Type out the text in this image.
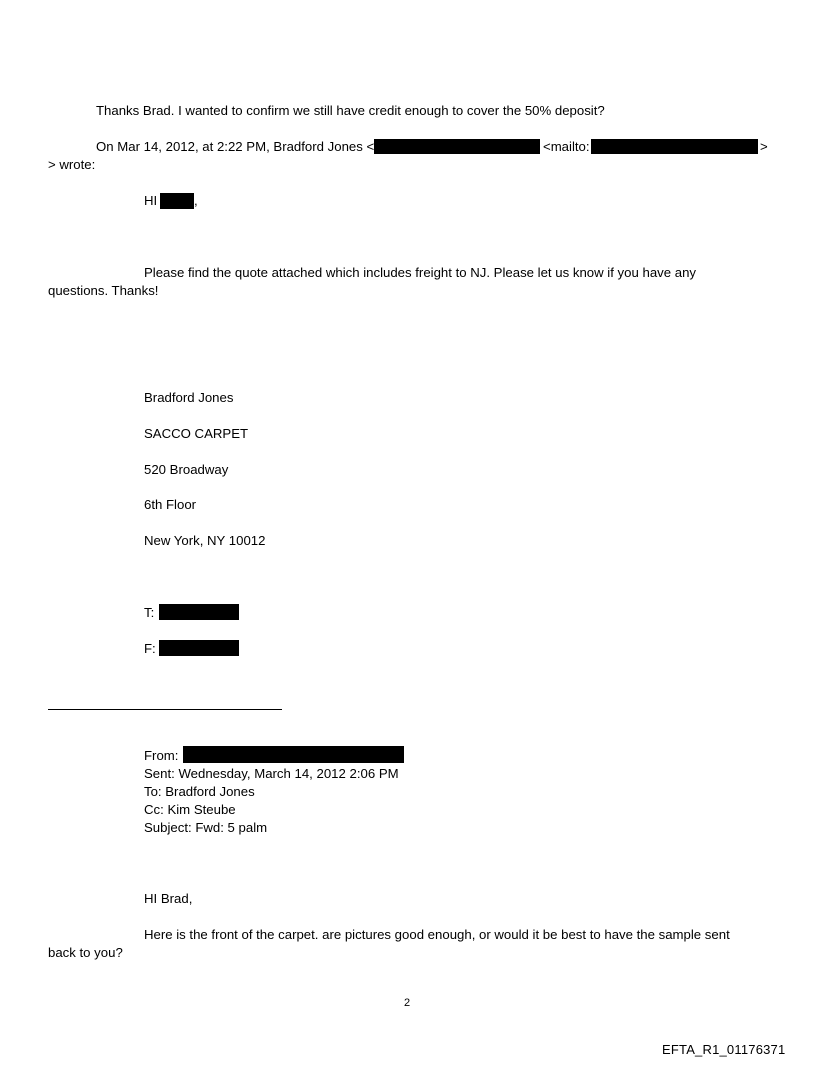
Thanks Brad. I wanted to confirm we still have credit enough to cover the 50% deposit?
On Mar 14, 2012, at 2:22 PM, Bradford Jones <	<mailto:	>
> wrote:
HI	,
Please find the quote attached which includes freight to NJ. Please let us know if you have any
questions. Thanks!
Bradford Jones
SACCO CARPET
520 Broadway
6th Floor
New York, NY 10012
T:
F:
From:
Sent: Wednesday, March 14, 2012 2:06 PM
To: Bradford Jones
Cc: Kim Steube
Subject: Fwd: 5 palm
HI Brad,
Here is the front of the carpet. are pictures good enough, or would it be best to have the sample sent
back to you?
2
EFTA_R1_01176371
